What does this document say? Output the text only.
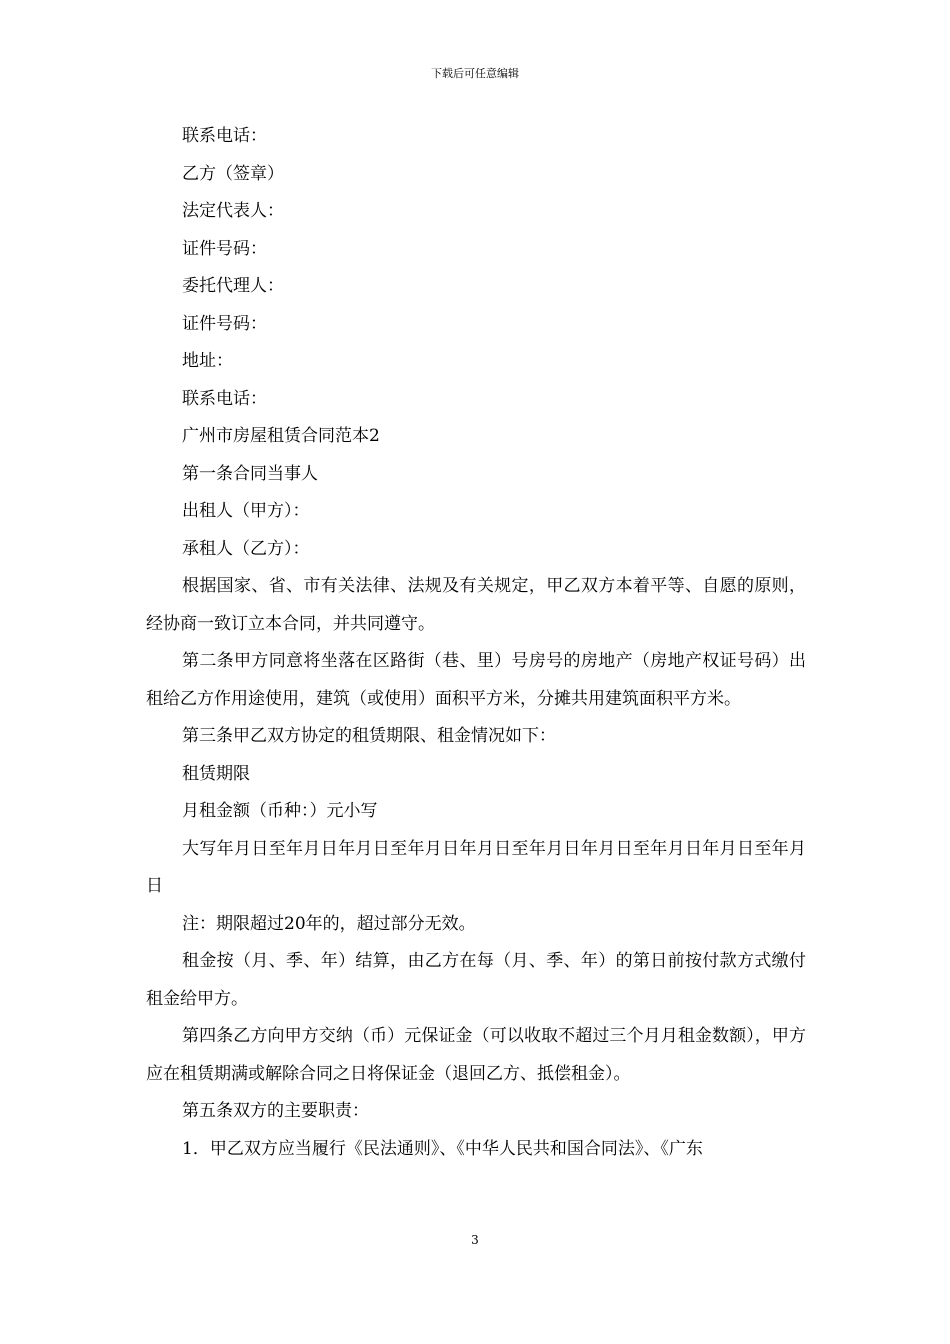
下载后可任意编辑

联系电话：

乙方（签章）

法定代表人：

证件号码：

委托代理人：

证件号码：

地址：

联系电话：

广州市房屋租赁合同范本2

第一条合同当事人

出租人（甲方）：

承租人（乙方）：

根据国家、省、市有关法律、法规及有关规定，甲乙双方本着平等、自愿的原则，经协商一致订立本合同，并共同遵守。

第二条甲方同意将坐落在区路街（巷、里）号房号的房地产（房地产权证号码）出租给乙方作用途使用，建筑（或使用）面积平方米，分摊共用建筑面积平方米。

第三条甲乙双方协定的租赁期限、租金情况如下：

租赁期限

月租金额（币种：）元小写

大写年月日至年月日年月日至年月日年月日至年月日年月日至年月日年月日至年月日

注：期限超过20年的，超过部分无效。

租金按（月、季、年）结算，由乙方在每（月、季、年）的第日前按付款方式缴付租金给甲方。

第四条乙方向甲方交纳（币）元保证金（可以收取不超过三个月月租金数额），甲方应在租赁期满或解除合同之日将保证金（退回乙方、抵偿租金）。

第五条双方的主要职责：

1．甲乙双方应当履行《民法通则》、《中华人民共和国合同法》、《广东

3
